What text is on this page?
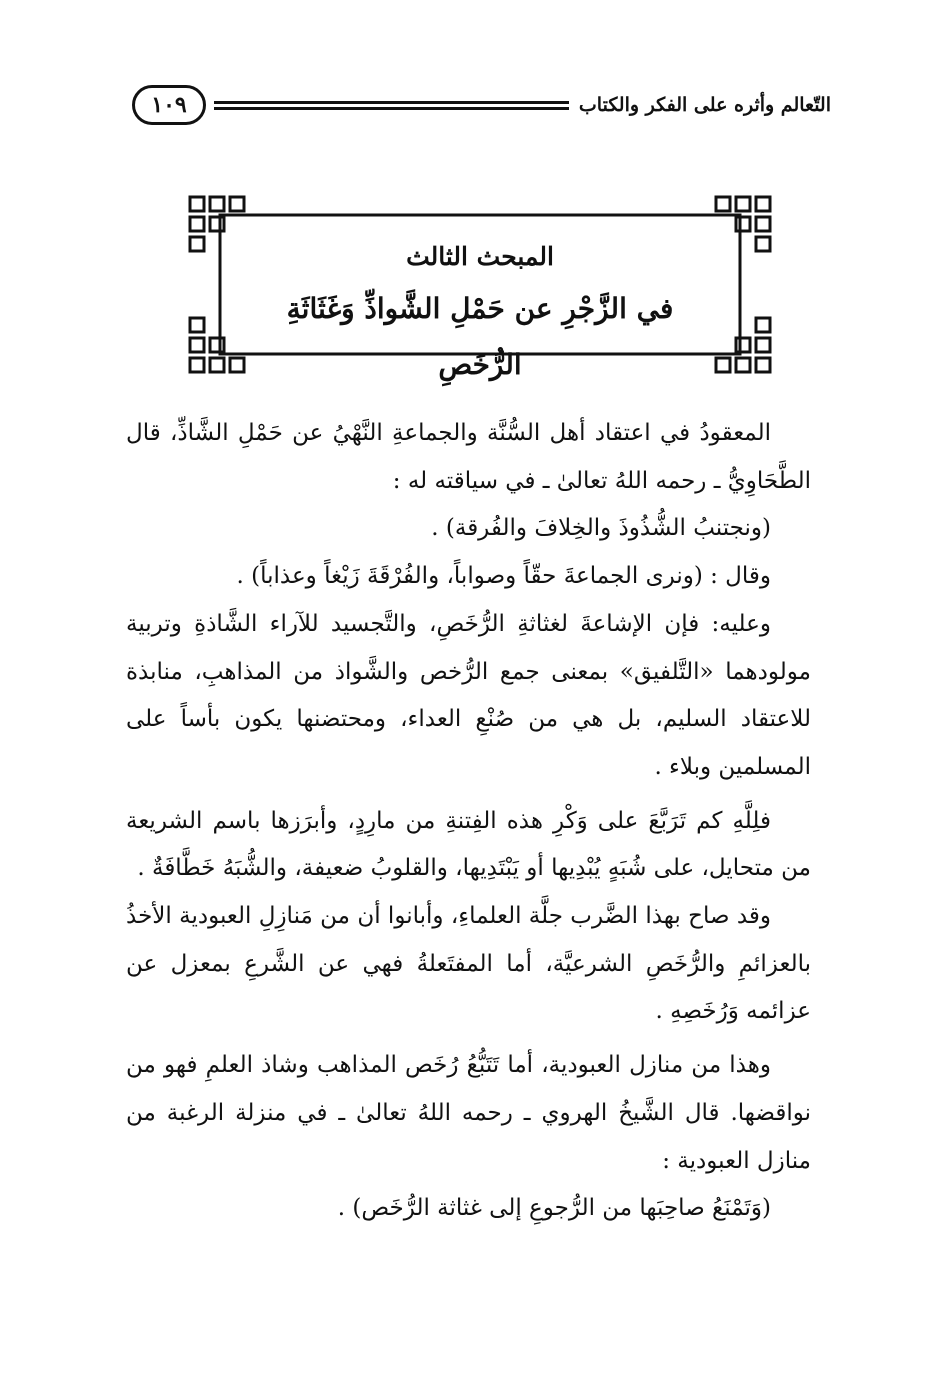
التّعالم وأثره على الفكر والكتاب
١٠٩
المبحث الثالث
في الزَّجْرِ عن حَمْلِ الشَّواذِّ وَغَثَاثَةِ الرُّخَصِ

المعقودُ في اعتقاد أهل السُّنَّة والجماعةِ النَّهْيُ عن حَمْلِ الشَّاذِّ، قال الطَّحَاوِيُّ ـ رحمه اللهُ تعالىٰ ـ في سياقته له :

(ونجتنبُ الشُّذُوذَ والخِلافَ والفُرقة) .

وقال : (ونرى الجماعةَ حقّاً وصواباً، والفُرْقَةَ زَيْغاً وعذاباً) .

وعليه: فإن الإشاعةَ لغثاثةِ الرُّخَصِ، والتَّجسيد للآراء الشَّاذةِ وتربية مولودهما «التَّلفيق» بمعنى جمع الرُّخص والشَّواذ من المذاهبِ، منابذة للاعتقاد السليم، بل هي من صُنْعِ العداء، ومحتضنها يكون بأساً على المسلمين وبلاء .

فلِلَّهِ كم تَرَبَّعَ على وَكْرِ هذه الفِتنةِ من مارِدٍ، وأبرَزها باسم الشريعة من متحايل، على شُبَهٍ يُبْدِيها أو يَبْتَدِيها، والقلوبُ ضعيفة، والشُّبَهُ خَطَّافَةٌ .

وقد صاح بهذا الضَّرب جلَّة العلماءِ، وأبانوا أن من مَنازِلِ العبودية الأخذُ بالعزائمِ والرُّخَصِ الشرعيَّة، أما المفتَعلةُ فهي عن الشَّرعِ بمعزل عن عزائمه وَرُخَصِهِ .

وهذا من منازل العبودية، أما تَتَبُّعُ رُخَص المذاهب وشاذ العلمِ فهو من نواقضها. قال الشَّيخُ الهروي ـ رحمه اللهُ تعالىٰ ـ في منزلة الرغبة من منازل العبودية :

(وَتَمْنَعُ صاحِبَها من الرُّجوعِ إلى غثاثة الرُّخَص) .
